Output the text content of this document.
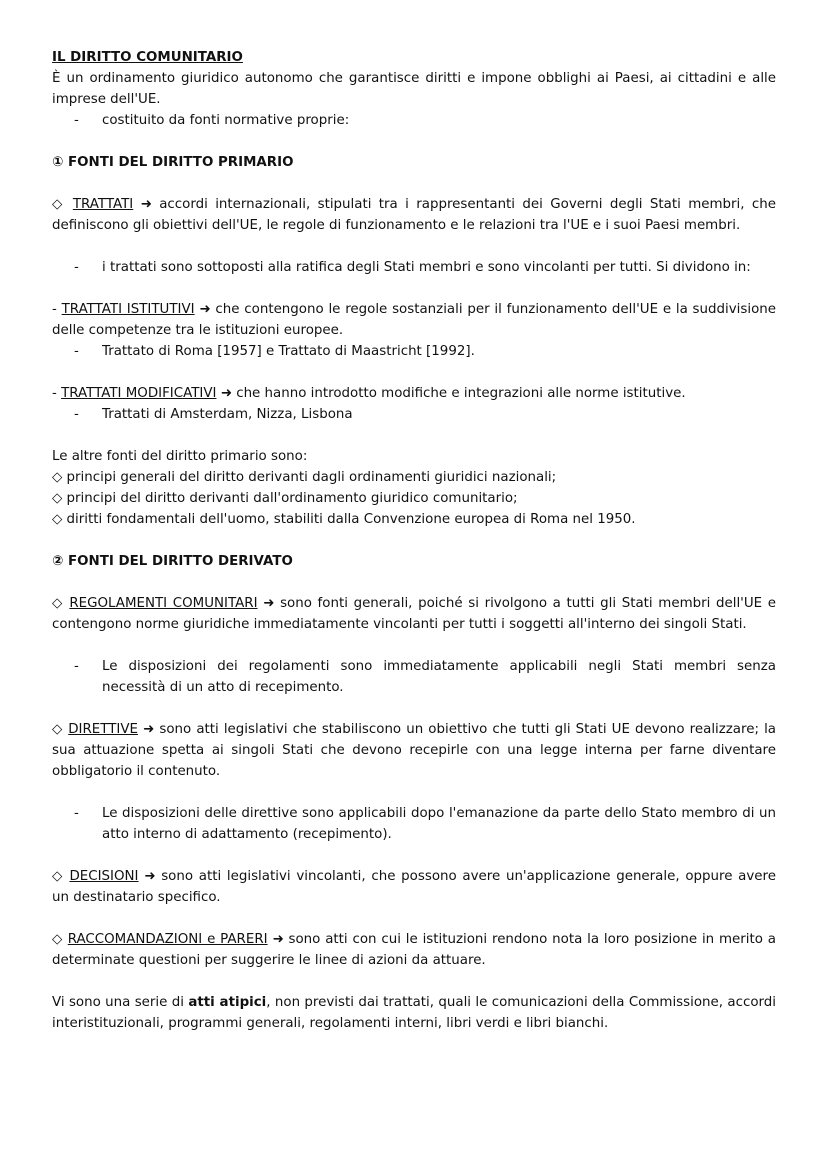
IL DIRITTO COMUNITARIO

È un ordinamento giuridico autonomo che garantisce diritti e impone obblighi ai Paesi, ai cittadini e alle imprese dell'UE.

-	costituito da fonti normative proprie:

① FONTI DEL DIRITTO PRIMARIO

◇ TRATTATI ➜ accordi internazionali, stipulati tra i rappresentanti dei Governi degli Stati membri, che definiscono gli obiettivi dell'UE, le regole di funzionamento e le relazioni tra l'UE e i suoi Paesi membri.

-	i trattati sono sottoposti alla ratifica degli Stati membri e sono vincolanti per tutti. Si dividono in:

- TRATTATI ISTITUTIVI ➜ che contengono le regole sostanziali per il funzionamento dell'UE e la suddivisione delle competenze tra le istituzioni europee.

-	Trattato di Roma [1957] e Trattato di Maastricht [1992].

- TRATTATI MODIFICATIVI ➜ che hanno introdotto modifiche e integrazioni alle norme istitutive.

-	Trattati di Amsterdam, Nizza, Lisbona

Le altre fonti del diritto primario sono:

◇ principi generali del diritto derivanti dagli ordinamenti giuridici nazionali;

◇ principi del diritto derivanti dall'ordinamento giuridico comunitario;

◇ diritti fondamentali dell'uomo, stabiliti dalla Convenzione europea di Roma nel 1950.

② FONTI DEL DIRITTO DERIVATO

◇ REGOLAMENTI COMUNITARI ➜ sono fonti generali, poiché si rivolgono a tutti gli Stati membri dell'UE e contengono norme giuridiche immediatamente vincolanti per tutti i soggetti all'interno dei singoli Stati.

-	Le disposizioni dei regolamenti sono immediatamente applicabili negli Stati membri senza necessità di un atto di recepimento.

◇ DIRETTIVE ➜ sono atti legislativi che stabiliscono un obiettivo che tutti gli Stati UE devono realizzare; la sua attuazione spetta ai singoli Stati che devono recepirle con una legge interna per farne diventare obbligatorio il contenuto.

-	Le disposizioni delle direttive sono applicabili dopo l'emanazione da parte dello Stato membro di un atto interno di adattamento (recepimento).

◇ DECISIONI ➜ sono atti legislativi vincolanti, che possono avere un'applicazione generale, oppure avere un destinatario specifico.

◇ RACCOMANDAZIONI e PARERI ➜ sono atti con cui le istituzioni rendono nota la loro posizione in merito a determinate questioni per suggerire le linee di azioni da attuare.

Vi sono una serie di atti atipici, non previsti dai trattati, quali le comunicazioni della Commissione, accordi interistituzionali, programmi generali, regolamenti interni, libri verdi e libri bianchi.
